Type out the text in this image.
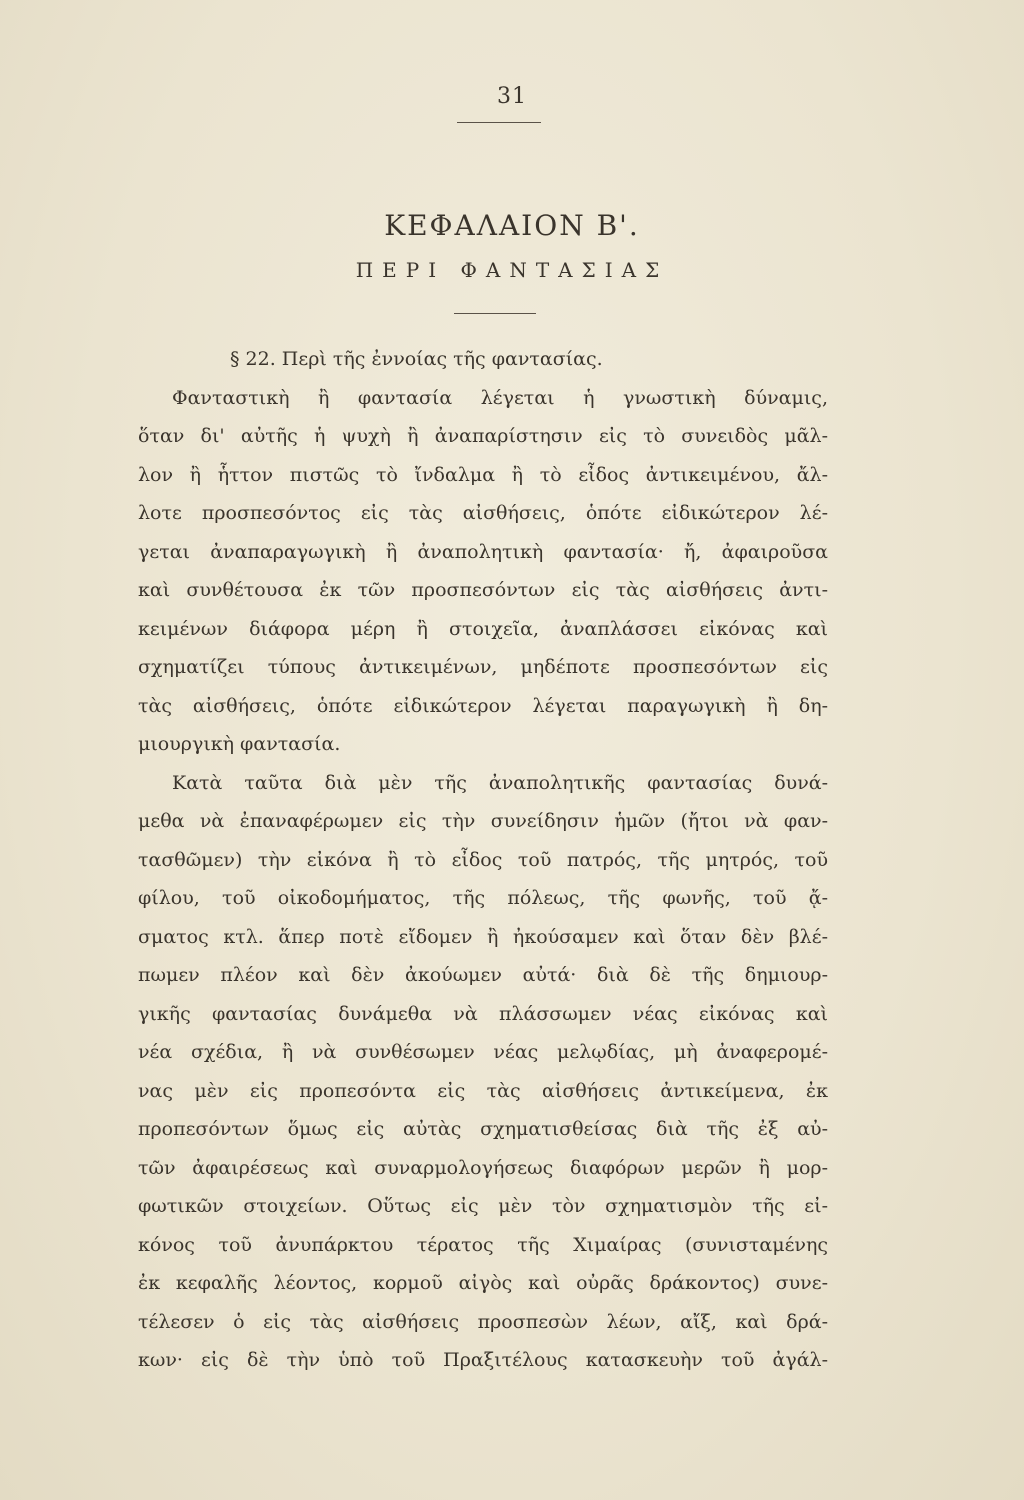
31
ΚΕΦΑΛΑΙΟΝ Β'.
ΠΕΡΙ ΦΑΝΤΑΣΙΑΣ
§ 22. Περὶ τῆς ἐννοίας τῆς φαντασίας.
Φανταστικὴ ἢ φαντασία λέγεται ἡ γνωστικὴ δύναμις,
ὅταν δι' αὐτῆς ἡ ψυχὴ ἢ ἀναπαρίστησιν εἰς τὸ συνειδὸς μᾶλ-
λον ἢ ἧττον πιστῶς τὸ ἴνδαλμα ἢ τὸ εἶδος ἀντικειμένου, ἄλ-
λοτε προσπεσόντος εἰς τὰς αἰσθήσεις, ὁπότε εἰδικώτερον λέ-
γεται ἀναπαραγωγικὴ ἢ ἀναπολητικὴ φαντασία· ἤ, ἀφαιροῦσα
καὶ συνθέτουσα ἐκ τῶν προσπεσόντων εἰς τὰς αἰσθήσεις ἀντι-
κειμένων διάφορα μέρη ἢ στοιχεῖα, ἀναπλάσσει εἰκόνας καὶ
σχηματίζει τύπους ἀντικειμένων, μηδέποτε προσπεσόντων εἰς
τὰς αἰσθήσεις, ὁπότε εἰδικώτερον λέγεται παραγωγικὴ ἢ δη-
μιουργικὴ φαντασία.
Κατὰ ταῦτα διὰ μὲν τῆς ἀναπολητικῆς φαντασίας δυνά-
μεθα νὰ ἐπαναφέρωμεν εἰς τὴν συνείδησιν ἡμῶν (ἤτοι νὰ φαν-
τασθῶμεν) τὴν εἰκόνα ἢ τὸ εἶδος τοῦ πατρός, τῆς μητρός, τοῦ
φίλου, τοῦ οἰκοδομήματος, τῆς πόλεως, τῆς φωνῆς, τοῦ ᾄ-
σματος κτλ. ἅπερ ποτὲ εἴδομεν ἢ ἠκούσαμεν καὶ ὅταν δὲν βλέ-
πωμεν πλέον καὶ δὲν ἀκούωμεν αὐτά· διὰ δὲ τῆς δημιουρ-
γικῆς φαντασίας δυνάμεθα νὰ πλάσσωμεν νέας εἰκόνας καὶ
νέα σχέδια, ἢ νὰ συνθέσωμεν νέας μελῳδίας, μὴ ἀναφερομέ-
νας μὲν εἰς προπεσόντα εἰς τὰς αἰσθήσεις ἀντικείμενα, ἐκ
προπεσόντων ὅμως εἰς αὐτὰς σχηματισθείσας διὰ τῆς ἐξ αὐ-
τῶν ἀφαιρέσεως καὶ συναρμολογήσεως διαφόρων μερῶν ἢ μορ-
φωτικῶν στοιχείων. Οὕτως εἰς μὲν τὸν σχηματισμὸν τῆς εἰ-
κόνος τοῦ ἀνυπάρκτου τέρατος τῆς Χιμαίρας (συνισταμένης
ἐκ κεφαλῆς λέοντος, κορμοῦ αἰγὸς καὶ οὐρᾶς δράκοντος) συνε-
τέλεσεν ὁ εἰς τὰς αἰσθήσεις προσπεσὼν λέων, αἴξ, καὶ δρά-
κων· εἰς δὲ τὴν ὑπὸ τοῦ Πραξιτέλους κατασκευὴν τοῦ ἀγάλ-
